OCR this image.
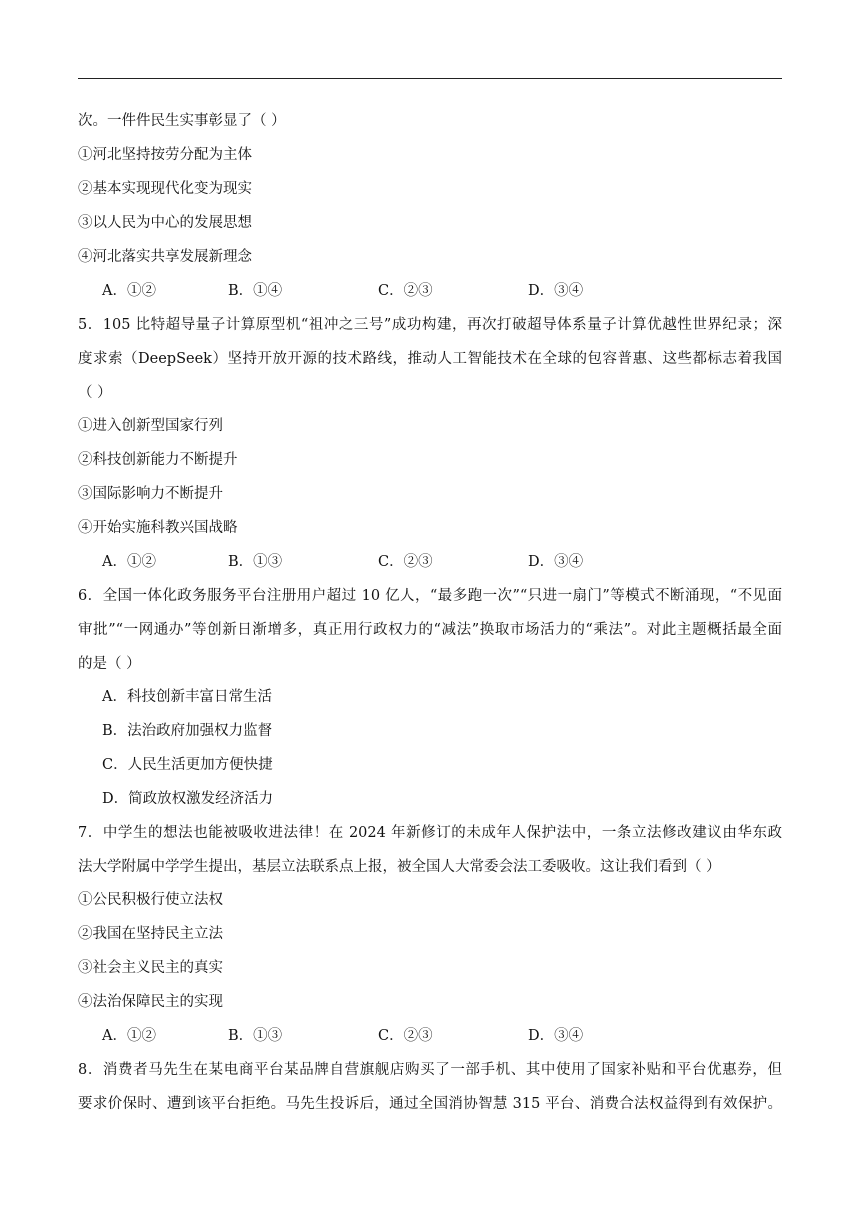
次。一件件民生实事彰显了（ ）
①河北坚持按劳分配为主体
②基本实现现代化变为现实
③以人民为中心的发展思想
④河北落实共享发展新理念
A．①②	B．①④	C．②③	D．③④
5．105 比特超导量子计算原型机“祖冲之三号”成功构建，再次打破超导体系量子计算优越性世界纪录；深
度求索（DeepSeek）坚持开放开源的技术路线，推动人工智能技术在全球的包容普惠、这些都标志着我国
（ ）
①进入创新型国家行列
②科技创新能力不断提升
③国际影响力不断提升
④开始实施科教兴国战略
A．①②	B．①③	C．②③	D．③④
6．全国一体化政务服务平台注册用户超过 10 亿人，“最多跑一次”“只进一扇门”等模式不断涌现，“不见面
审批”“一网通办”等创新日渐增多，真正用行政权力的“减法”换取市场活力的“乘法”。对此主题概括最全面
的是（ ）
A．科技创新丰富日常生活
B．法治政府加强权力监督
C．人民生活更加方便快捷
D．简政放权激发经济活力
7．中学生的想法也能被吸收进法律！在 2024 年新修订的未成年人保护法中，一条立法修改建议由华东政
法大学附属中学学生提出，基层立法联系点上报，被全国人大常委会法工委吸收。这让我们看到（ ）
①公民积极行使立法权
②我国在坚持民主立法
③社会主义民主的真实
④法治保障民主的实现
A．①②	B．①③	C．②③	D．③④
8．消费者马先生在某电商平台某品牌自营旗舰店购买了一部手机、其中使用了国家补贴和平台优惠券，但
要求价保时、遭到该平台拒绝。马先生投诉后，通过全国消协智慧 315 平台、消费合法权益得到有效保护。
